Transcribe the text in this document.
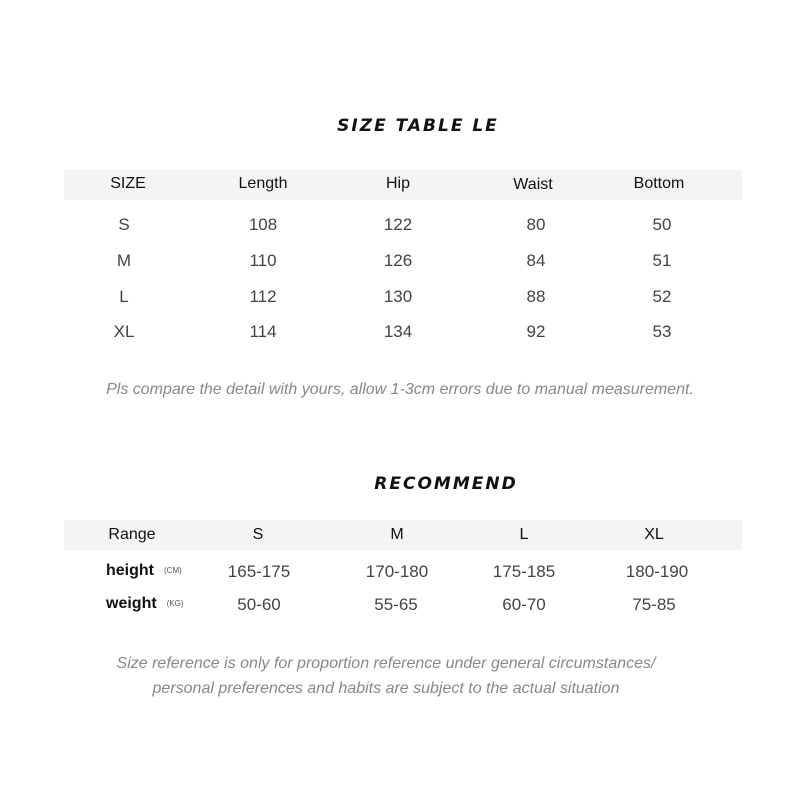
SIZE TABLE LE
SIZE	Length	Hip	Waist	Bottom
S	108	122	80	50
M	110	126	84	51
L	112	130	88	52
XL	114	134	92	53
Pls compare the detail with yours, allow 1-3cm errors due to manual measurement.
RECOMMEND
Range	S	M	L	XL
height (CM)	165-175	170-180	175-185	180-190
weight (KG)	50-60	55-65	60-70	75-85
Size reference is only for proportion reference under general circumstances/
personal preferences and habits are subject to the actual situation
